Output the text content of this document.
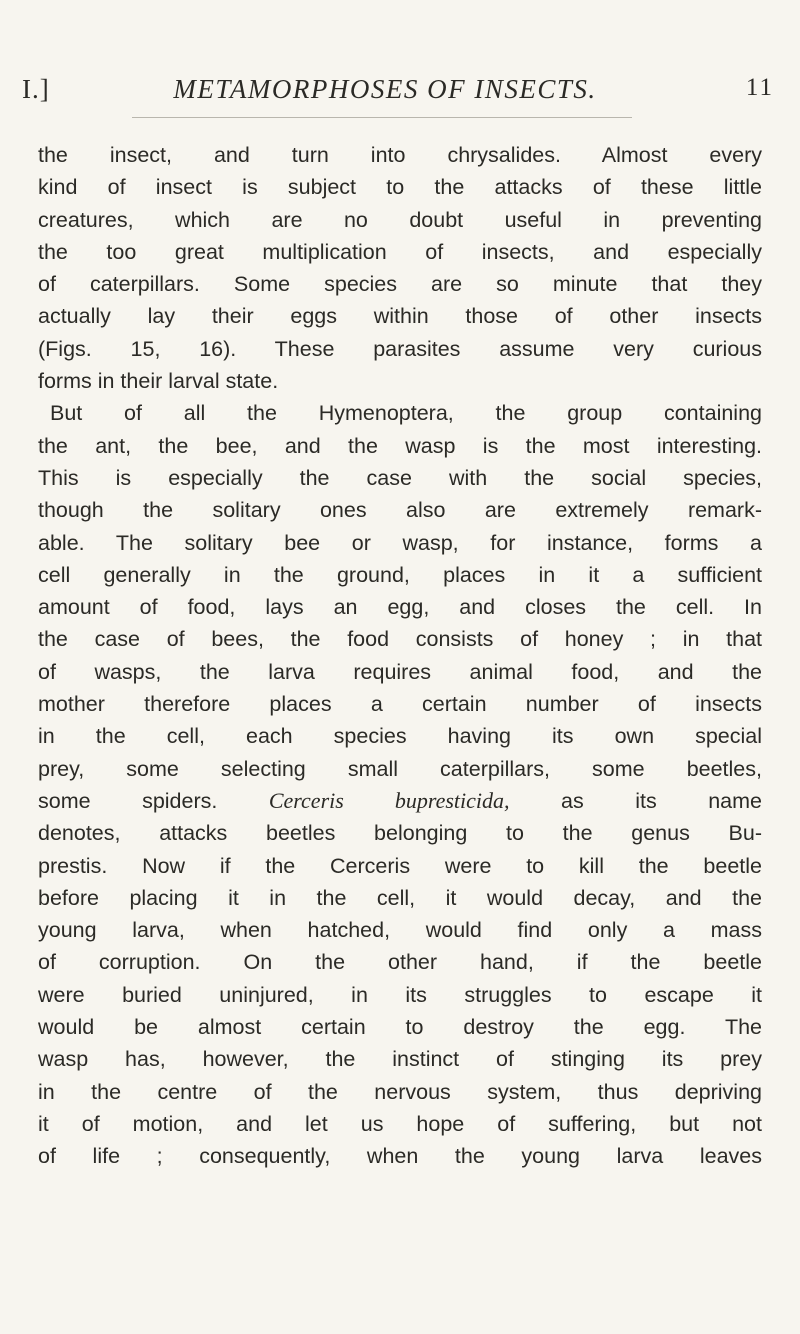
I.]	METAMORPHOSES OF INSECTS.	11
the insect, and turn into chrysalides. Almost every
kind of insect is subject to the attacks of these little
creatures, which are no doubt useful in preventing
the too great multiplication of insects, and especially
of caterpillars. Some species are so minute that they
actually lay their eggs within those of other insects
(Figs. 15, 16). These parasites assume very curious
forms in their larval state.
But of all the Hymenoptera, the group containing
the ant, the bee, and the wasp is the most interesting.
This is especially the case with the social species,
though the solitary ones also are extremely remark-
able. The solitary bee or wasp, for instance, forms a
cell generally in the ground, places in it a sufficient
amount of food, lays an egg, and closes the cell. In
the case of bees, the food consists of honey ; in that
of wasps, the larva requires animal food, and the
mother therefore places a certain number of insects
in the cell, each species having its own special
prey, some selecting small caterpillars, some beetles,
some spiders. Cerceris bupresticida, as its name
denotes, attacks beetles belonging to the genus Bu-
prestis. Now if the Cerceris were to kill the beetle
before placing it in the cell, it would decay, and the
young larva, when hatched, would find only a mass
of corruption. On the other hand, if the beetle
were buried uninjured, in its struggles to escape it
would be almost certain to destroy the egg. The
wasp has, however, the instinct of stinging its prey
in the centre of the nervous system, thus depriving
it of motion, and let us hope of suffering, but not
of life ; consequently, when the young larva leaves
